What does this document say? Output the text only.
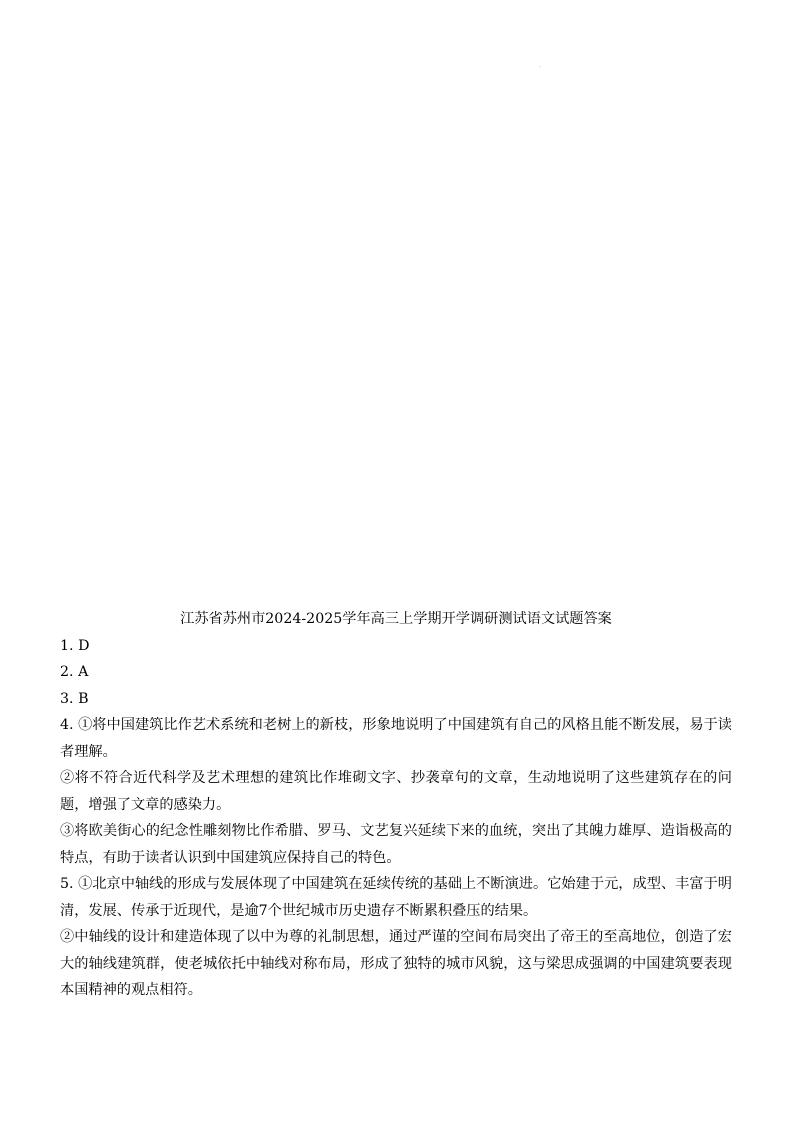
.
江苏省苏州市2024-2025学年高三上学期开学调研测试语文试题答案
1. D
2. A
3. B
4. ①将中国建筑比作艺术系统和老树上的新枝，形象地说明了中国建筑有自己的风格且能不断发展，易于读者理解。
②将不符合近代科学及艺术理想的建筑比作堆砌文字、抄袭章句的文章，生动地说明了这些建筑存在的问题，增强了文章的感染力。
③将欧美街心的纪念性雕刻物比作希腊、罗马、文艺复兴延续下来的血统，突出了其魄力雄厚、造诣极高的特点，有助于读者认识到中国建筑应保持自己的特色。
5. ①北京中轴线的形成与发展体现了中国建筑在延续传统的基础上不断演进。它始建于元，成型、丰富于明清，发展、传承于近现代，是逾7个世纪城市历史遗存不断累积叠压的结果。
②中轴线的设计和建造体现了以中为尊的礼制思想，通过严谨的空间布局突出了帝王的至高地位，创造了宏大的轴线建筑群，使老城依托中轴线对称布局，形成了独特的城市风貌，这与梁思成强调的中国建筑要表现本国精神的观点相符。
